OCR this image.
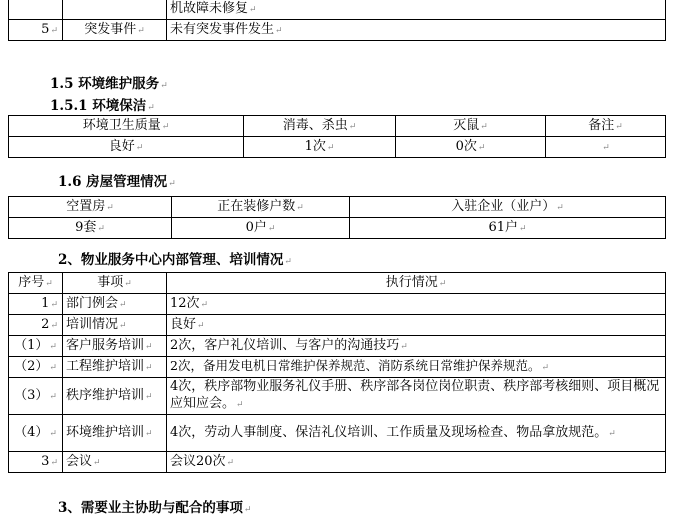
		机故障未修复↵
5↵	突发事件↵	未有突发事件发生↵
1.5 环境维护服务↵
1.5.1 环境保洁↵
环境卫生质量↵	消毒、杀虫↵	灭鼠↵	备注↵
良好↵	1次↵	0次↵	↵
1.6 房屋管理情况↵
空置房↵	正在装修户数↵	入驻企业（业户）↵
9套↵	0户↵	61户↵
2、物业服务中心内部管理、培训情况↵
序号↵	事项↵	执行情况↵
1↵	部门例会↵	12次↵
2↵	培训情况↵	良好↵
（1）↵	客户服务培训↵	2次，客户礼仪培训、与客户的沟通技巧↵
（2）↵	工程维护培训↵	2次，备用发电机日常维护保养规范、消防系统日常维护保养规范。↵
（3）↵	秩序维护培训↵	4次，秩序部物业服务礼仪手册、秩序部各岗位岗位职责、秩序部考核细则、项目概况应知应会。↵
（4）↵	环境维护培训↵	4次，劳动人事制度、保洁礼仪培训、工作质量及现场检查、物品拿放规范。↵
3↵	会议↵	会议20次↵
3、需要业主协助与配合的事项↵
